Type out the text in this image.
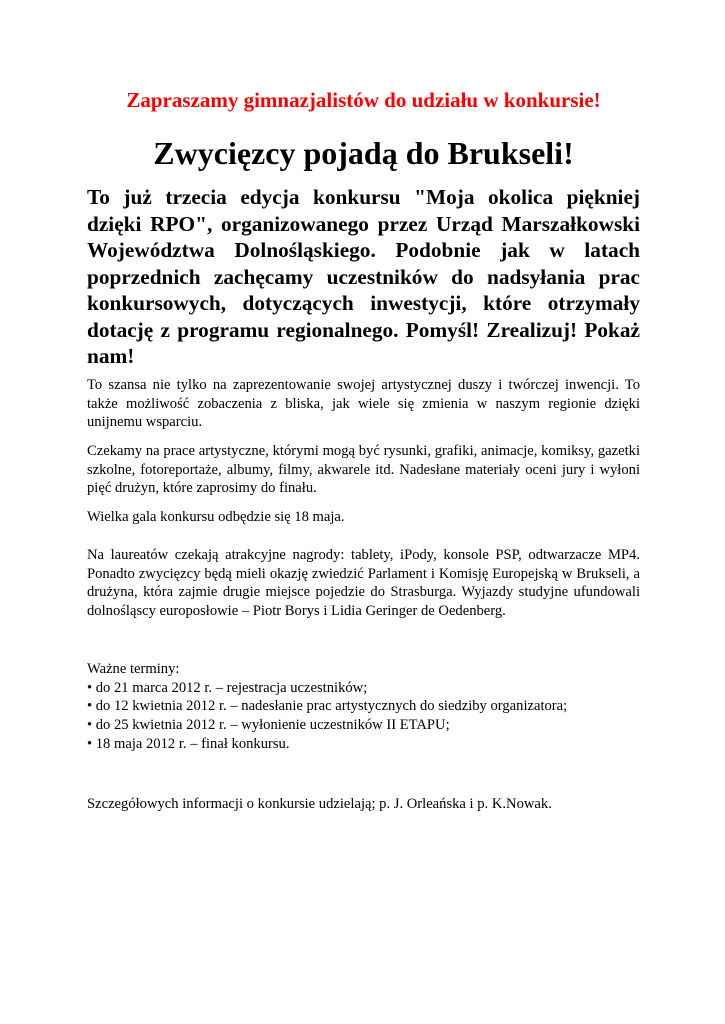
Zapraszamy gimnazjalistów do udziału w konkursie!
Zwycięzcy pojadą do Brukseli!
To już trzecia edycja konkursu "Moja okolica piękniej dzięki RPO", organizowanego przez Urząd Marszałkowski Województwa Dolnośląskiego. Podobnie jak w latach poprzednich zachęcamy uczestników do nadsyłania prac konkursowych, dotyczących inwestycji, które otrzymały dotację z programu regionalnego. Pomyśl! Zrealizuj! Pokaż nam!
To szansa nie tylko na zaprezentowanie swojej artystycznej duszy i twórczej inwencji. To także możliwość zobaczenia z bliska, jak wiele się zmienia w naszym regionie dzięki unijnemu wsparciu.
Czekamy na prace artystyczne, którymi mogą być rysunki, grafiki, animacje, komiksy, gazetki szkolne, fotoreportaże, albumy, filmy, akwarele itd. Nadesłane materiały oceni jury i wyłoni pięć drużyn, które zaprosimy do finału.
Wielka gala konkursu odbędzie się 18 maja.
Na laureatów czekają atrakcyjne nagrody: tablety, iPody, konsole PSP, odtwarzacze MP4. Ponadto zwycięzcy będą mieli okazję zwiedzić Parlament i Komisję Europejską w Brukseli, a drużyna, która zajmie drugie miejsce pojedzie do Strasburga. Wyjazdy studyjne ufundowali dolnośląscy europosłowie – Piotr Borys i Lidia Geringer de Oedenberg.
Ważne terminy:
• do 21 marca 2012 r. – rejestracja uczestników;
• do 12 kwietnia 2012 r. – nadesłanie prac artystycznych do siedziby organizatora;
• do 25 kwietnia 2012 r. – wyłonienie uczestników II ETAPU;
• 18 maja 2012 r. – finał konkursu.
Szczegółowych informacji o konkursie udzielają; p. J. Orleańska i p. K.Nowak.
